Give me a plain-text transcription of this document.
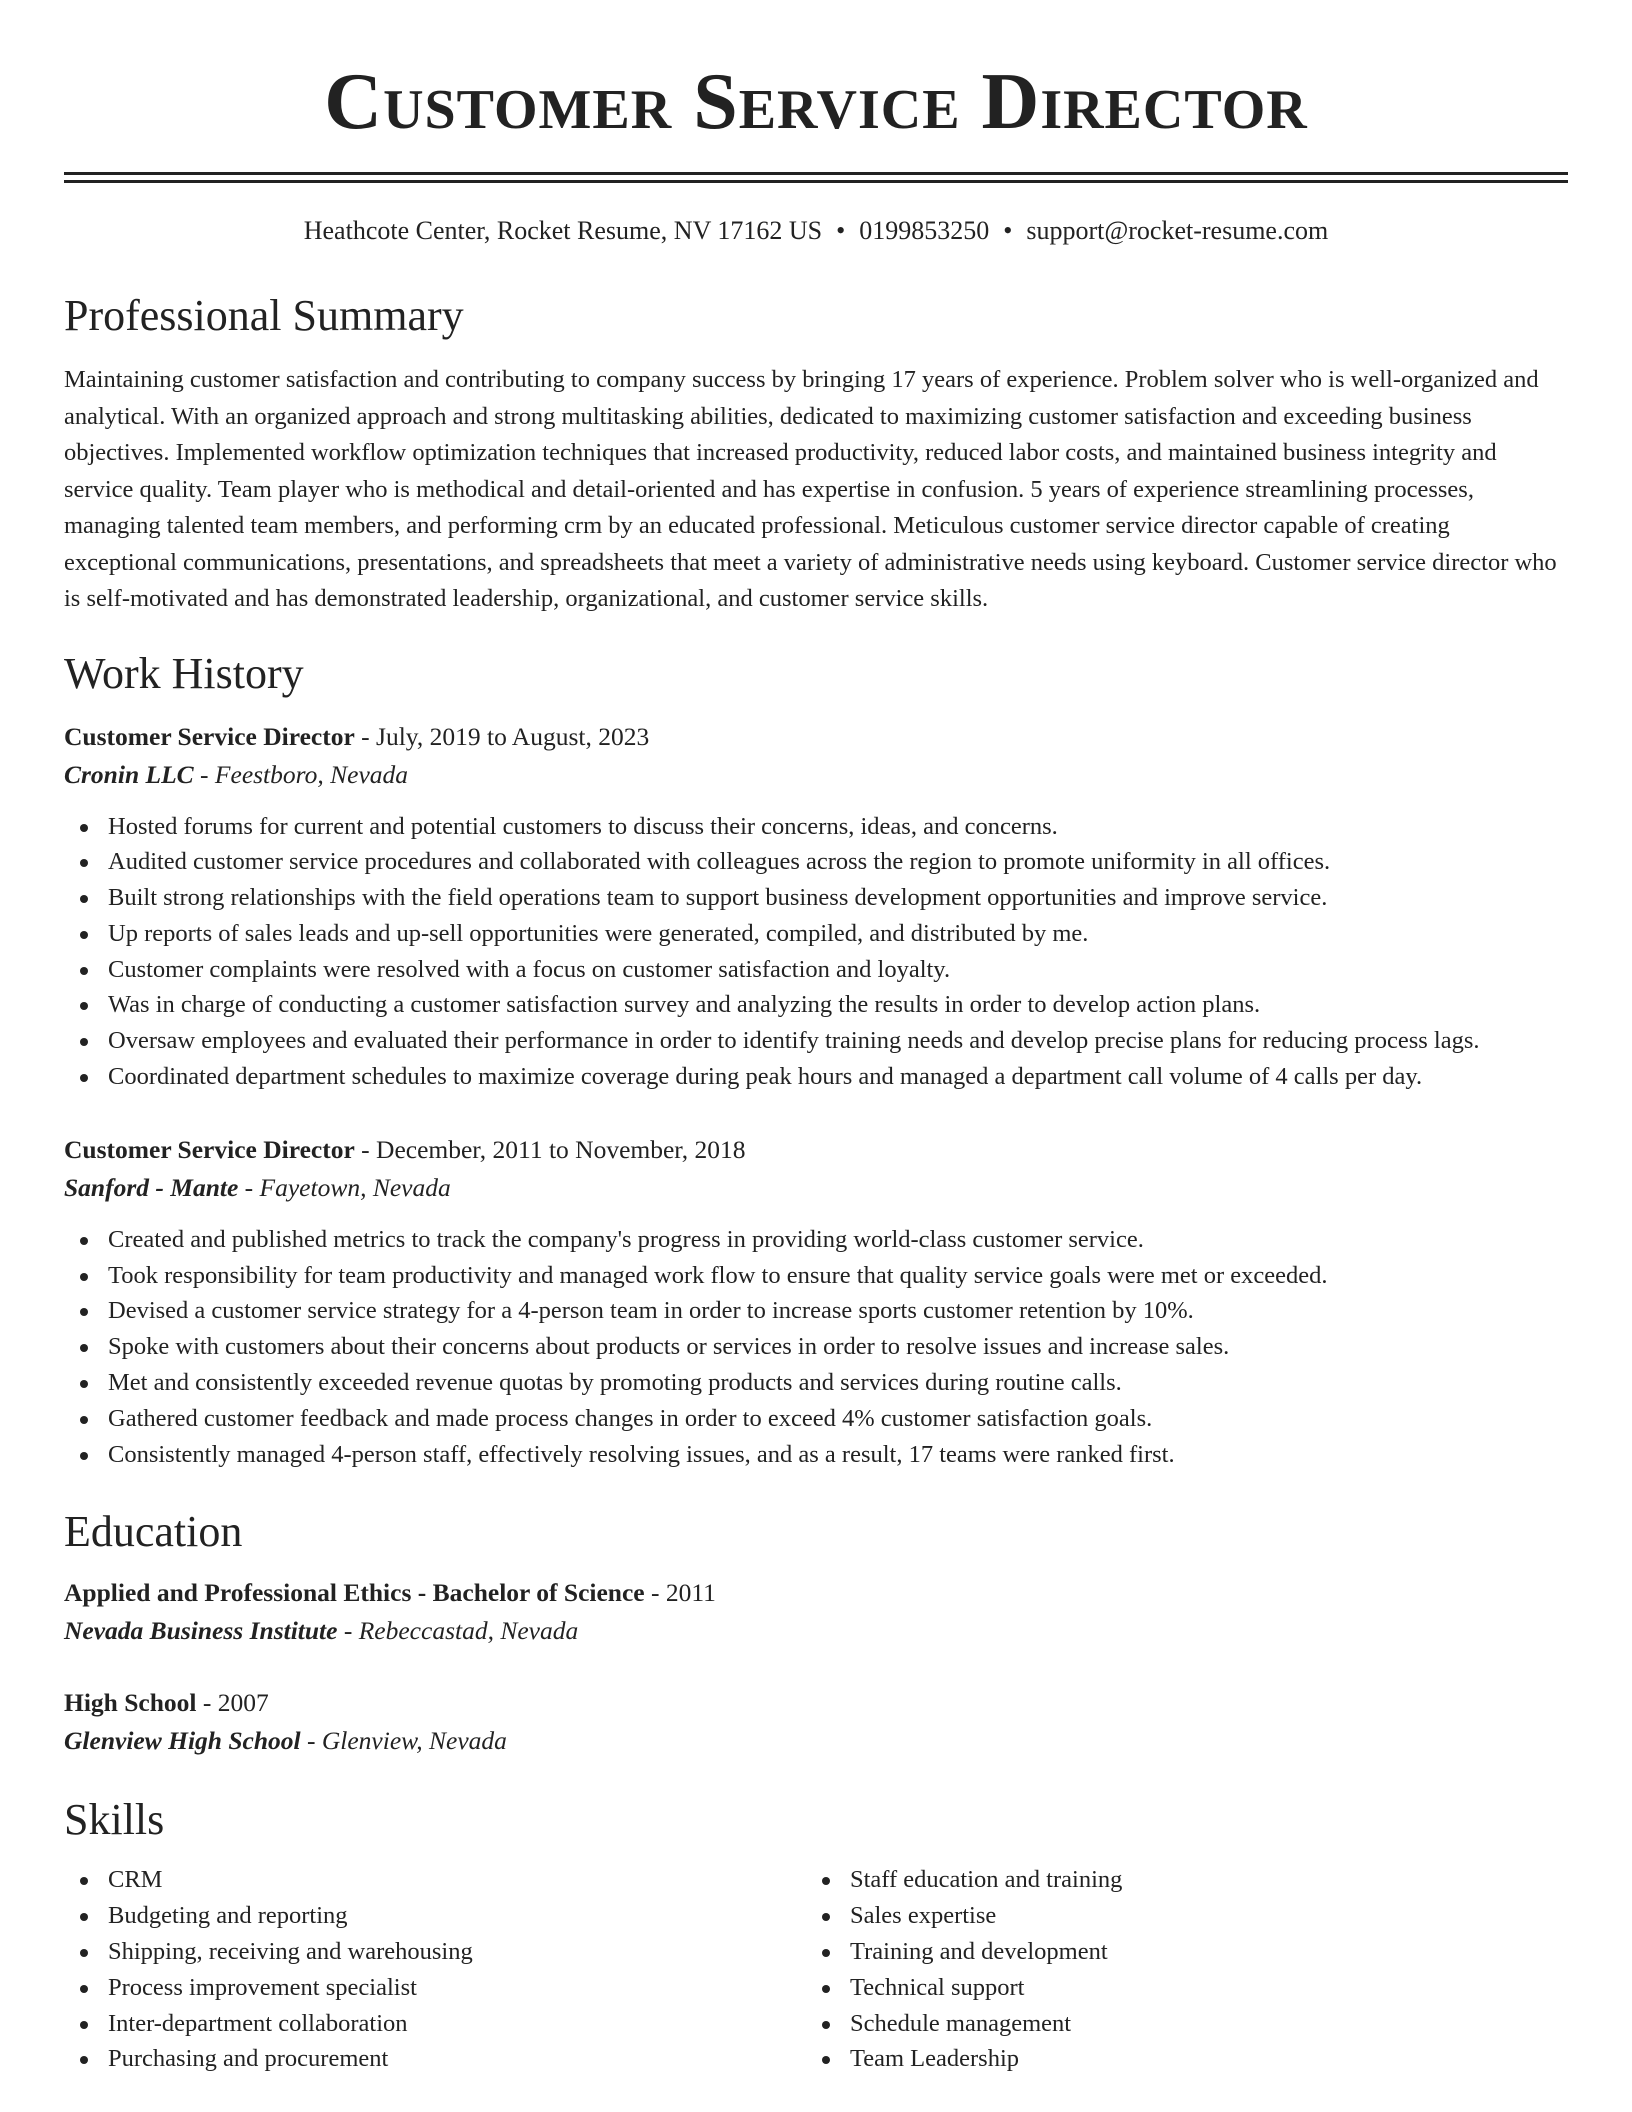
Customer Service Director
Heathcote Center, Rocket Resume, NV 17162 US • 0199853250 • support@rocket-resume.com
Professional Summary

Maintaining customer satisfaction and contributing to company success by bringing 17 years of experience. Problem solver who is well-organized and analytical. With an organized approach and strong multitasking abilities, dedicated to maximizing customer satisfaction and exceeding business objectives. Implemented workflow optimization techniques that increased productivity, reduced labor costs, and maintained business integrity and service quality. Team player who is methodical and detail-oriented and has expertise in confusion. 5 years of experience streamlining processes, managing talented team members, and performing crm by an educated professional. Meticulous customer service director capable of creating exceptional communications, presentations, and spreadsheets that meet a variety of administrative needs using keyboard. Customer service director who is self-motivated and has demonstrated leadership, organizational, and customer service skills.

Work History
Customer Service Director - July, 2019 to August, 2023
Cronin LLC - Feestboro, Nevada
Hosted forums for current and potential customers to discuss their concerns, ideas, and concerns.
Audited customer service procedures and collaborated with colleagues across the region to promote uniformity in all offices.
Built strong relationships with the field operations team to support business development opportunities and improve service.
Up reports of sales leads and up-sell opportunities were generated, compiled, and distributed by me.
Customer complaints were resolved with a focus on customer satisfaction and loyalty.
Was in charge of conducting a customer satisfaction survey and analyzing the results in order to develop action plans.
Oversaw employees and evaluated their performance in order to identify training needs and develop precise plans for reducing process lags.
Coordinated department schedules to maximize coverage during peak hours and managed a department call volume of 4 calls per day.
Customer Service Director - December, 2011 to November, 2018
Sanford - Mante - Fayetown, Nevada
Created and published metrics to track the company's progress in providing world-class customer service.
Took responsibility for team productivity and managed work flow to ensure that quality service goals were met or exceeded.
Devised a customer service strategy for a 4-person team in order to increase sports customer retention by 10%.
Spoke with customers about their concerns about products or services in order to resolve issues and increase sales.
Met and consistently exceeded revenue quotas by promoting products and services during routine calls.
Gathered customer feedback and made process changes in order to exceed 4% customer satisfaction goals.
Consistently managed 4-person staff, effectively resolving issues, and as a result, 17 teams were ranked first.
Education
Applied and Professional Ethics - Bachelor of Science - 2011
Nevada Business Institute - Rebeccastad, Nevada
High School - 2007
Glenview High School - Glenview, Nevada
Skills
CRM
Budgeting and reporting
Shipping, receiving and warehousing
Process improvement specialist
Inter-department collaboration
Purchasing and procurement
Staff education and training
Sales expertise
Training and development
Technical support
Schedule management
Team Leadership
